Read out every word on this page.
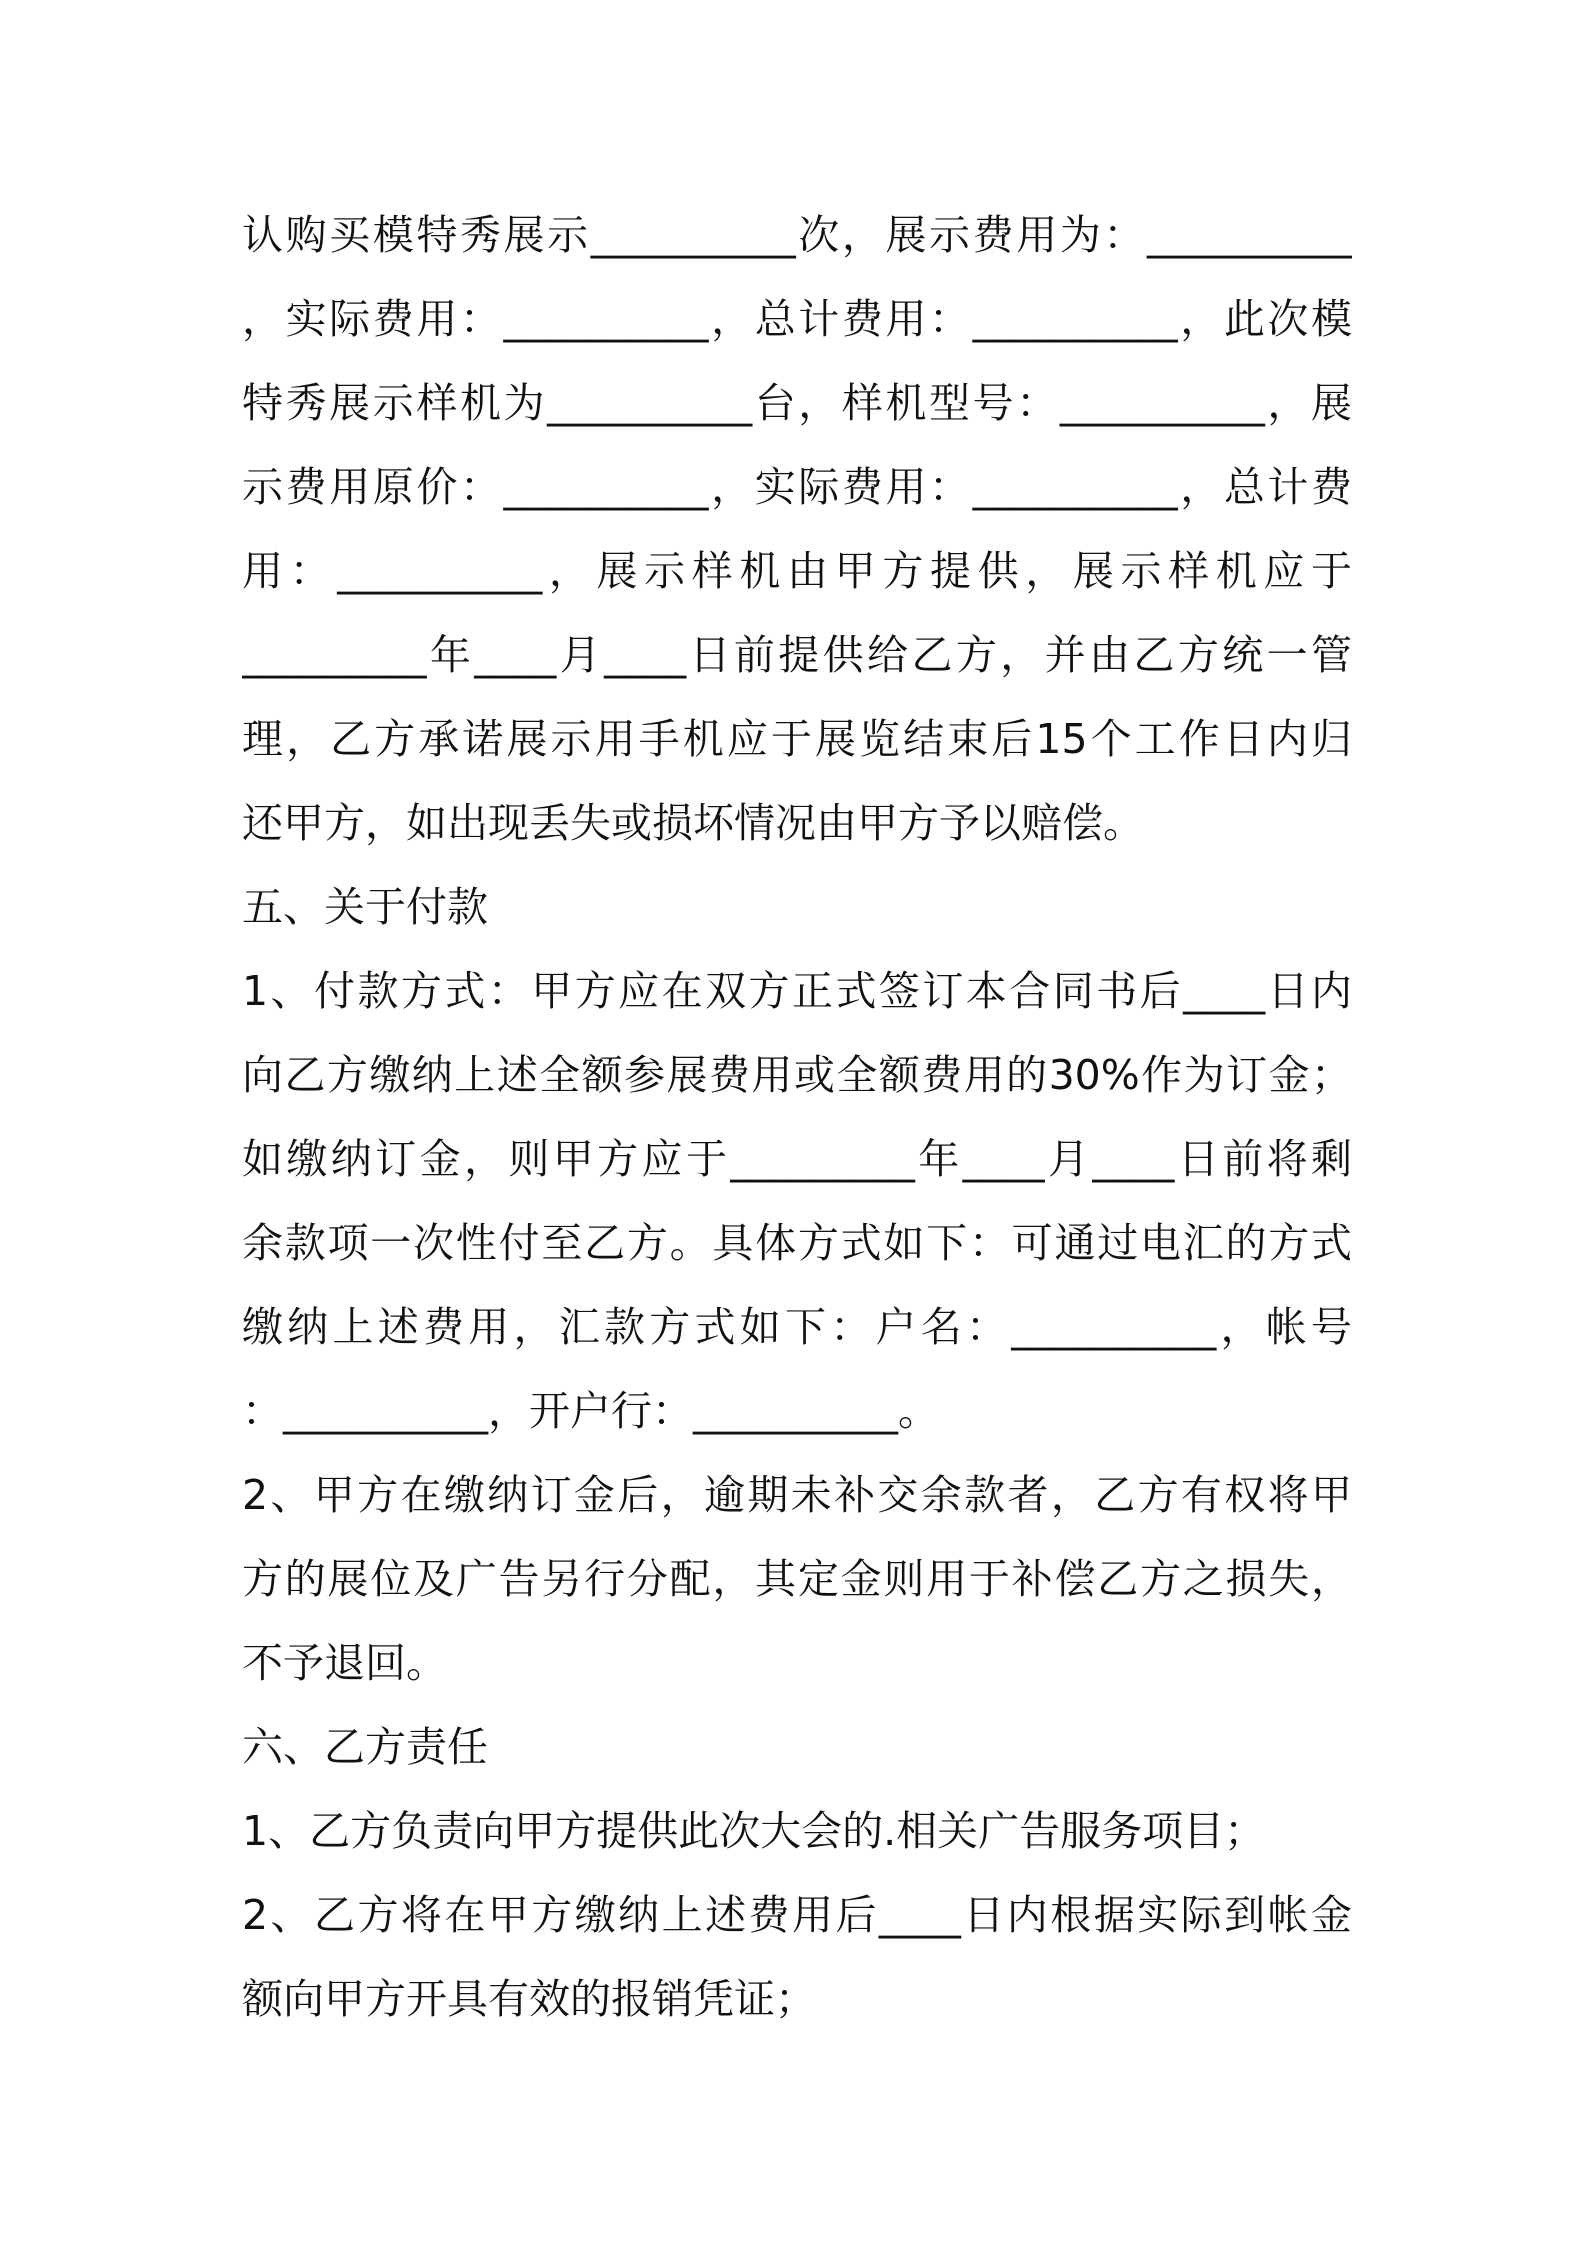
认购买模特秀展示__________次，展示费用为：__________
，实际费用：__________，总计费用：__________，此次模
特秀展示样机为__________台，样机型号：__________，展
示费用原价：__________，实际费用：__________，总计费
用：__________，展示样机由甲方提供，展示样机应于
_________年____月____日前提供给乙方，并由乙方统一管
理，乙方承诺展示用手机应于展览结束后15个工作日内归
还甲方，如出现丢失或损坏情况由甲方予以赔偿。
五、关于付款
1、付款方式：甲方应在双方正式签订本合同书后____日内
向乙方缴纳上述全额参展费用或全额费用的30%作为订金；
如缴纳订金，则甲方应于_________年____月____日前将剩
余款项一次性付至乙方。具体方式如下：可通过电汇的方式
缴纳上述费用，汇款方式如下：户名：__________，帐号
：__________，开户行：__________。
2、甲方在缴纳订金后，逾期未补交余款者，乙方有权将甲
方的展位及广告另行分配，其定金则用于补偿乙方之损失，
不予退回。
六、乙方责任
1、乙方负责向甲方提供此次大会的.相关广告服务项目；
2、乙方将在甲方缴纳上述费用后____日内根据实际到帐金
额向甲方开具有效的报销凭证；
